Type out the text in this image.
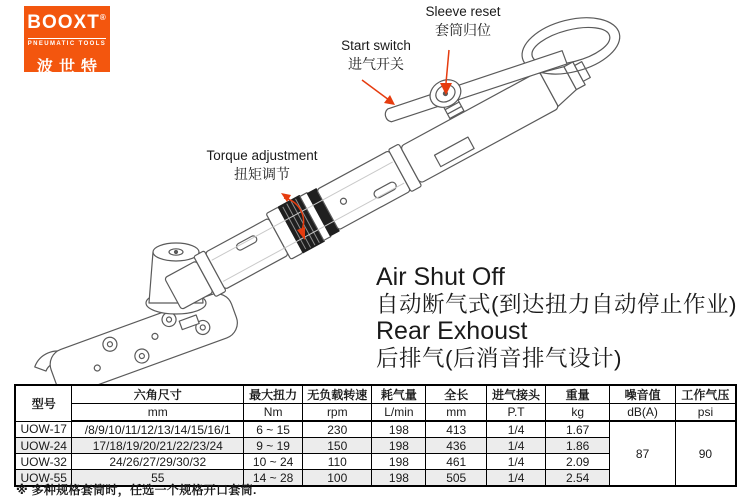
BOOXT®
PNEUMATIC TOOLS
波世特
Sleeve reset
套筒归位
Start switch
进气开关
Torque adjustment
扭矩调节
Air Shut Off
自动断气式(到达扭力自动停止作业)
Rear Exhoust
后排气(后消音排气设计)
型号	六角尺寸	最大扭力	无负载转速	耗气量	全长	进气接头	重量	噪音值	工作气压
	mm	Nm	rpm	L/min	mm	P.T	kg	dB(A)	psi
UOW-17	/8/9/10/11/12/13/14/15/16/1	6 ~ 15	230	198	413	1/4	1.67	87	90
UOW-24	17/18/19/20/21/22/23/24	9 ~ 19	150	198	436	1/4	1.86		
UOW-32	24/26/27/29/30/32	10 ~ 24	110	198	461	1/4	2.09		
UOW-55	55	14 ~ 28	100	198	505	1/4	2.54		
※ 多种规格套筒时，任选一个规格开口套筒.
